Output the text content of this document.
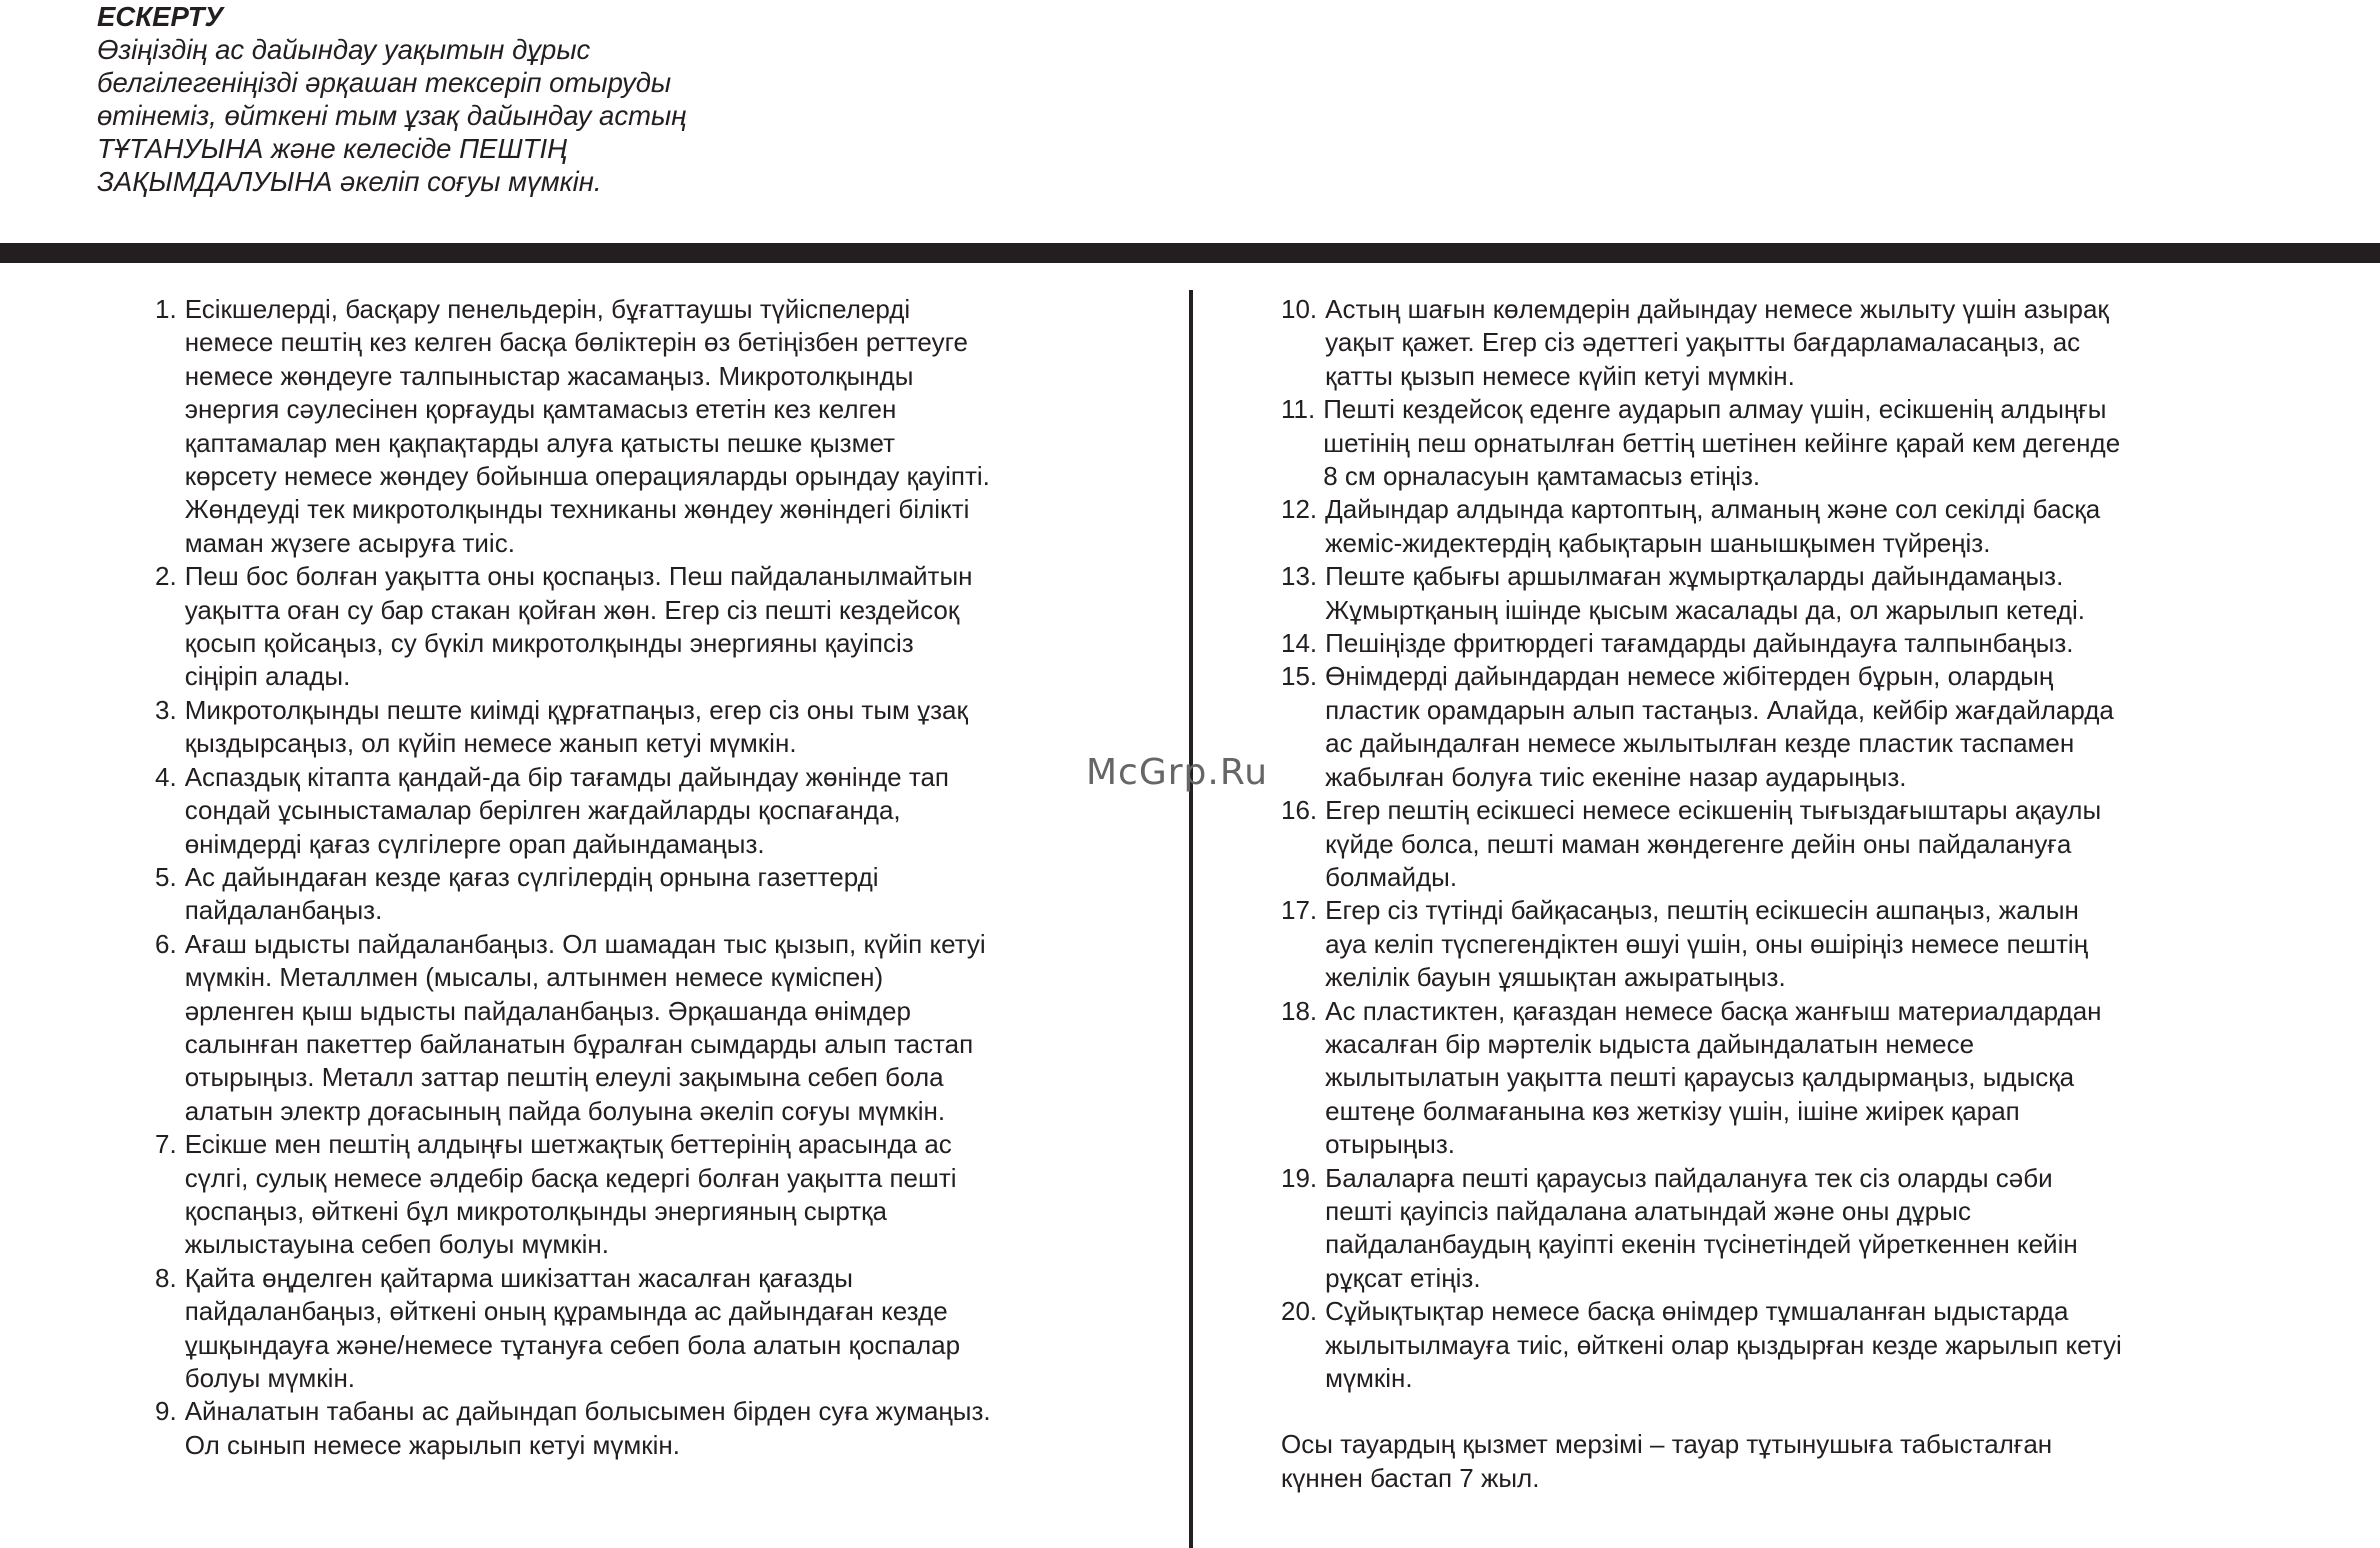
ЕСКЕРТУ
Өзіңіздің ас дайындау уақытын дұрыс
белгілегеніңізді әрқашан тексеріп отыруды
өтінеміз, өйткені тым ұзақ дайындау астың
ТҰТАНУЫНА және келесіде ПЕШТІҢ
ЗАҚЫМДАЛУЫНА әкеліп соғуы мүмкін.
1. Есікшелерді, басқару пенельдерін, бұғаттаушы түйіспелерді
немесе пештің кез келген басқа бөліктерін өз бетіңізбен реттеуге
немесе жөндеуге талпыныстар жасамаңыз. Микротолқынды
энергия сәулесінен қорғауды қамтамасыз ететін кез келген
қаптамалар мен қақпақтарды алуға қатысты пешке қызмет
көрсету немесе жөндеу бойынша операцияларды орындау қауіпті.
Жөндеуді тек микротолқынды техниканы жөндеу жөніндегі білікті
маман жүзеге асыруға тиіс.
2. Пеш бос болған уақытта оны қоспаңыз. Пеш пайдаланылмайтын
уақытта оған су бар стакан қойған жөн. Егер сіз пешті кездейсоқ
қосып қойсаңыз, су бүкіл микротолқынды энергияны қауіпсіз
сіңіріп алады.
3. Микротолқынды пеште киімді құрғатпаңыз, егер сіз оны тым ұзақ
қыздырсаңыз, ол күйіп немесе жанып кетуі мүмкін.
4. Аспаздық кітапта қандай-да бір тағамды дайындау жөнінде тап
сондай ұсыныстамалар берілген жағдайларды қоспағанда,
өнімдерді қағаз сүлгілерге орап дайындамаңыз.
5. Ас дайындаған кезде қағаз сүлгілердің орнына газеттерді
пайдаланбаңыз.
6. Ағаш ыдысты пайдаланбаңыз. Ол шамадан тыс қызып, күйіп кетуі
мүмкін. Металлмен (мысалы, алтынмен немесе күміспен)
әрленген қыш ыдысты пайдаланбаңыз. Әрқашанда өнімдер
салынған пакеттер байланатын бұралған сымдарды алып тастап
отырыңыз. Металл заттар пештің елеулі зақымына себеп бола
алатын электр доғасының пайда болуына әкеліп соғуы мүмкін.
7. Есікше мен пештің алдыңғы шетжақтық беттерінің арасында ас
сүлгі, сулық немесе әлдебір басқа кедергі болған уақытта пешті
қоспаңыз, өйткені бұл микротолқынды энергияның сыртқа
жылыстауына себеп болуы мүмкін.
8. Қайта өңделген қайтарма шикізаттан жасалған қағазды
пайдаланбаңыз, өйткені оның құрамында ас дайындаған кезде
ұшқындауға және/немесе тұтануға себеп бола алатын қоспалар
болуы мүмкін.
9. Айналатын табаны ас дайындап болысымен бірден суға жумаңыз.
Ол сынып немесе жарылып кетуі мүмкін.
10. Астың шағын көлемдерін дайындау немесе жылыту үшін азырақ
уақыт қажет. Егер сіз әдеттегі уақытты бағдарламаласаңыз, ас
қатты қызып немесе күйіп кетуі мүмкін.
11. Пешті кездейсоқ еденге аударып алмау үшін, есікшенің алдыңғы
шетінің пеш орнатылған беттің шетінен кейінге қарай кем дегенде
8 см орналасуын қамтамасыз етіңіз.
12. Дайындар алдында картоптың, алманың және сол секілді басқа
жеміс-жидектердің қабықтарын шанышқымен түйреңіз.
13. Пеште қабығы аршылмаған жұмыртқаларды дайындамаңыз.
Жұмыртқаның ішінде қысым жасалады да, ол жарылып кетеді.
14. Пешіңізде фритюрдегі тағамдарды дайындауға талпынбаңыз.
15. Өнімдерді дайындардан немесе жібітерден бұрын, олардың
пластик орамдарын алып тастаңыз. Алайда, кейбір жағдайларда
ас дайындалған немесе жылытылған кезде пластик таспамен
жабылған болуға тиіс екеніне назар аударыңыз.
16. Егер пештің есікшесі немесе есікшенің тығыздағыштары ақаулы
күйде болса, пешті маман жөндегенге дейін оны пайдалануға
болмайды.
17. Егер сіз түтінді байқасаңыз, пештің есікшесін ашпаңыз, жалын
ауа келіп түспегендіктен өшуі үшін, оны өшіріңіз немесе пештің
желілік бауын ұяшықтан ажыратыңыз.
18. Ас пластиктен, қағаздан немесе басқа жанғыш материалдардан
жасалған бір мәртелік ыдыста дайындалатын немесе
жылытылатын уақытта пешті қараусыз қалдырмаңыз, ыдысқа
ештеңе болмағанына көз жеткізу үшін, ішіне жиірек қарап
отырыңыз.
19. Балаларға пешті қараусыз пайдалануға тек сіз оларды сәби
пешті қауіпсіз пайдалана алатындай және оны дұрыс
пайдаланбаудың қауіпті екенін түсінетіндей үйреткеннен кейін
рұқсат етіңіз.
20. Сұйықтықтар немесе басқа өнімдер тұмшаланған ыдыстарда
жылытылмауға тиіс, өйткені олар қыздырған кезде жарылып кетуі
мүмкін.
Осы тауардың қызмет мерзімі – тауар тұтынушыға табысталған
күннен бастап 7 жыл.
McGrp.Ru
